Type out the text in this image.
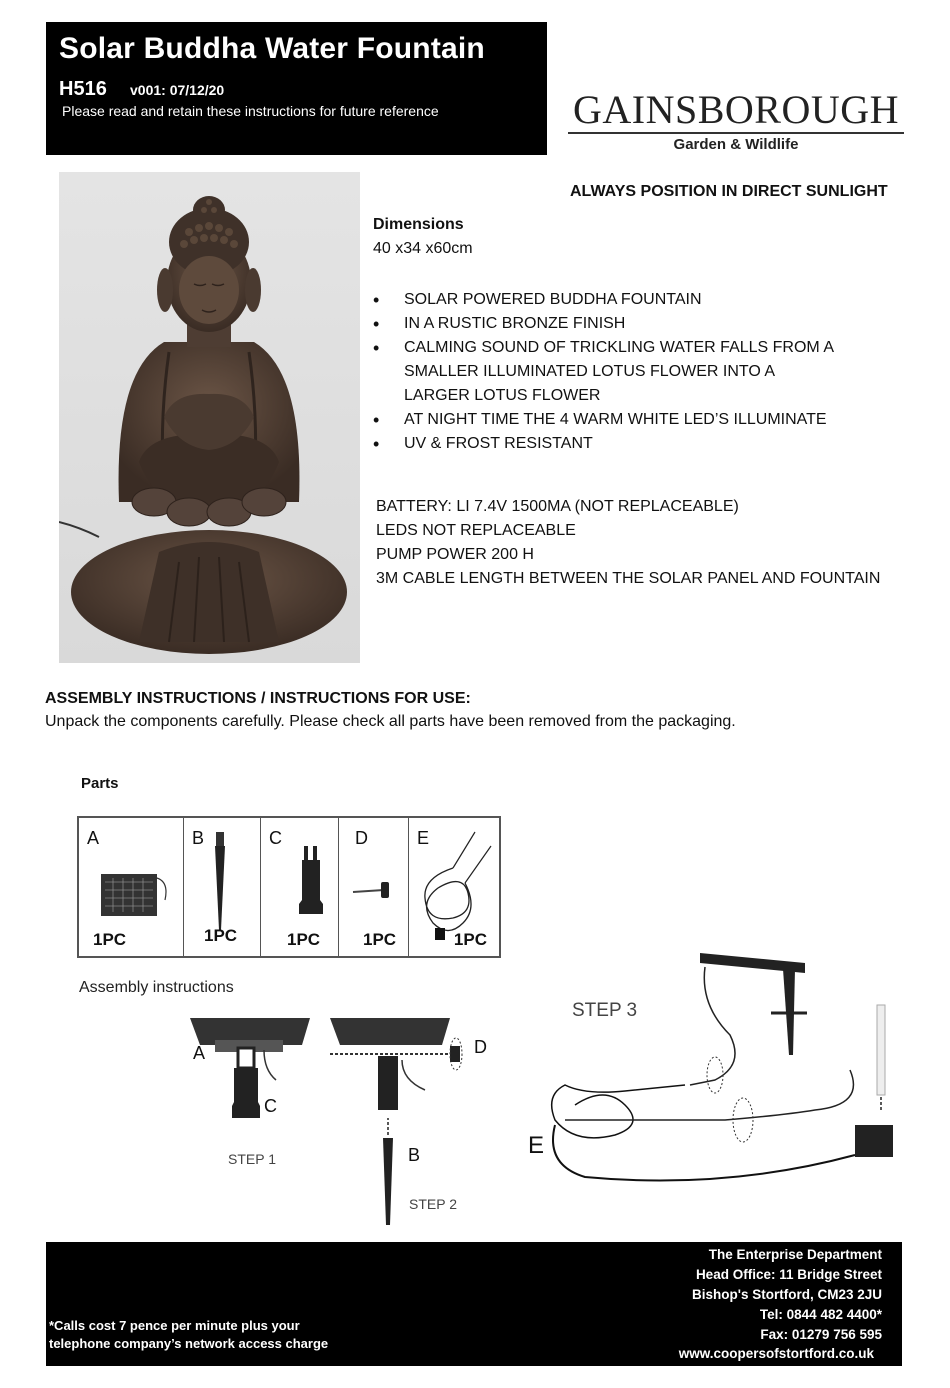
Solar Buddha Water Fountain
H516 v001: 07/12/20
Please read and retain these instructions for future reference	GAINSBOROUGH
Garden & Wildlife
ALWAYS POSITION IN DIRECT SUNLIGHT
Dimensions
40 x34 x60cm
• SOLAR POWERED BUDDHA FOUNTAIN
• IN A RUSTIC BRONZE FINISH
• CALMING SOUND OF TRICKLING WATER FALLS FROM A SMALLER ILLUMINATED LOTUS FLOWER INTO A LARGER LOTUS FLOWER
• AT NIGHT TIME THE 4 WARM WHITE LED’S ILLUMINATE
• UV & FROST RESISTANT
BATTERY: LI 7.4V 1500MA (NOT REPLACEABLE)
LEDS NOT REPLACEABLE
PUMP POWER 200 H
3M CABLE LENGTH BETWEEN THE SOLAR PANEL AND FOUNTAIN
ASSEMBLY INSTRUCTIONS / INSTRUCTIONS FOR USE:
Unpack the components carefully. Please check all parts have been removed from the packaging.
Parts
A
1PC
B
1PC
C
1PC
D
1PC
E
1PC
Assembly instructions
A
C
D
B
STEP 1
STEP 2
STEP 3
E
*Calls cost 7 pence per minute plus your
telephone company’s network access charge
The Enterprise Department
Head Office: 11 Bridge Street
Bishop's Stortford, CM23 2JU
Tel: 0844 482 4400*
Fax: 01279 756 595
www.coopersofstortford.co.uk
